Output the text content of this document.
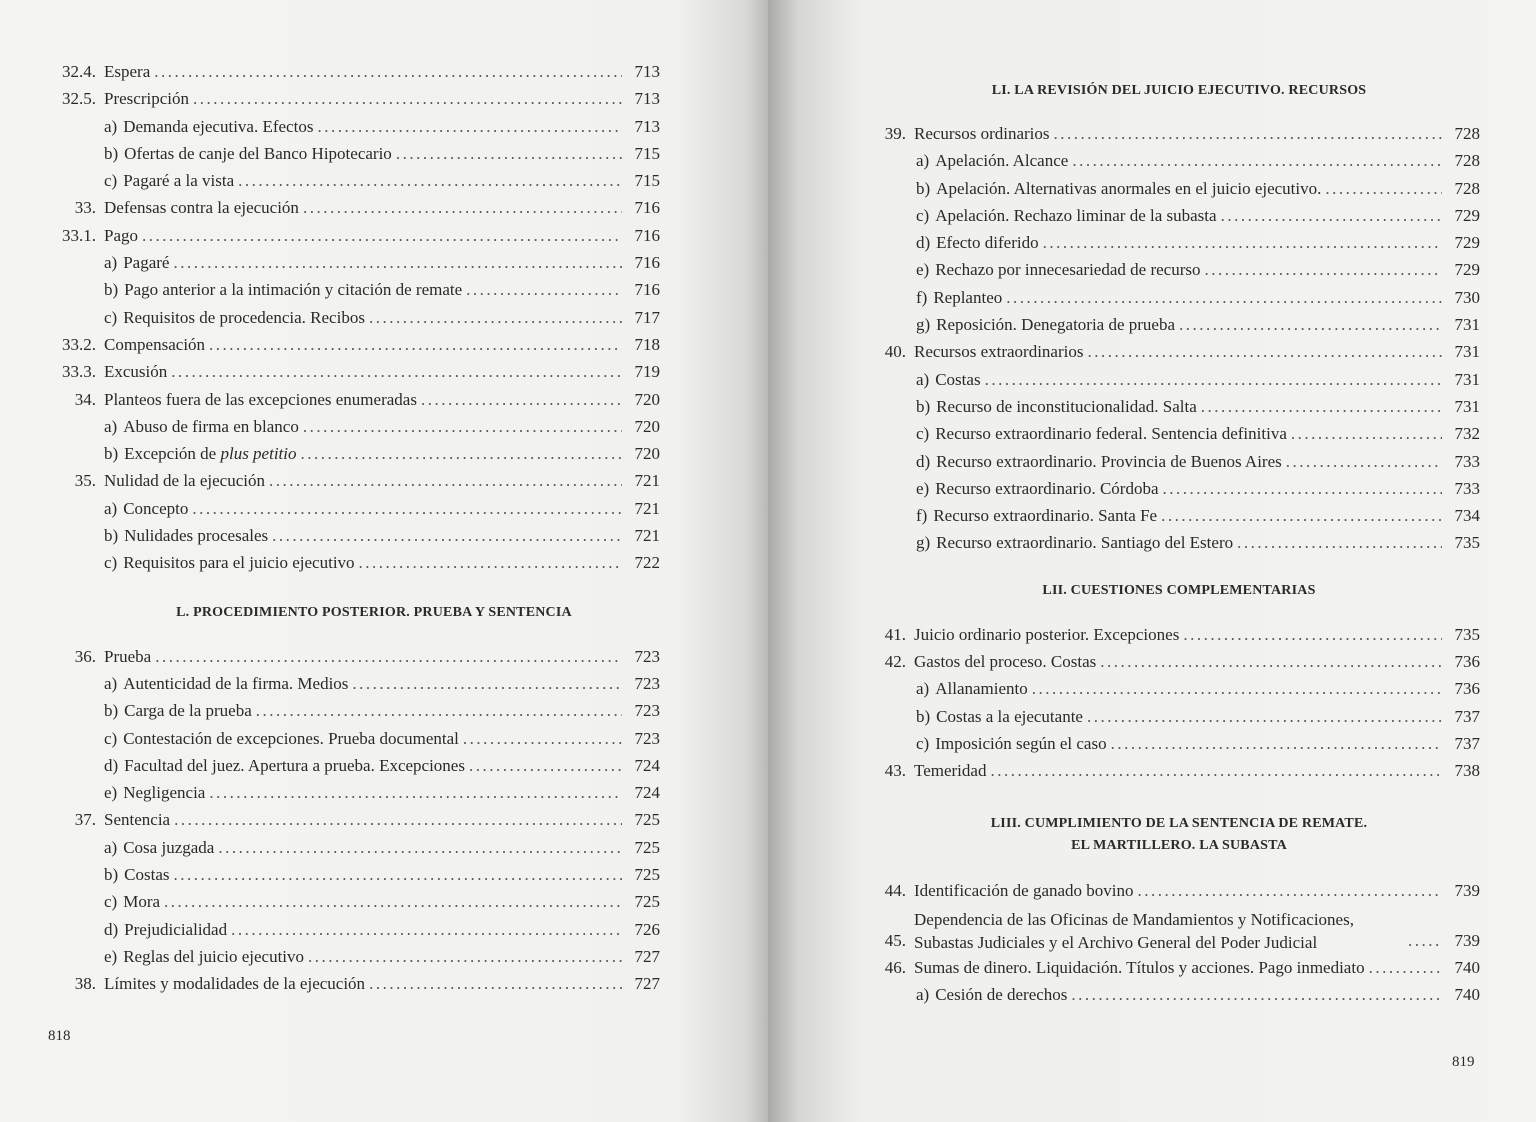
32.4. Espera .....	713
32.5. Prescripción .....	713
a) Demanda ejecutiva. Efectos .....	713
b) Ofertas de canje del Banco Hipotecario .....	715
c) Pagaré a la vista .....	715
33. Defensas contra la ejecución .....	716
33.1. Pago .....	716
a) Pagaré .....	716
b) Pago anterior a la intimación y citación de remate .....	716
c) Requisitos de procedencia. Recibos .....	717
33.2. Compensación .....	718
33.3. Excusión .....	719
34. Planteos fuera de las excepciones enumeradas .....	720
a) Abuso de firma en blanco .....	720
b) Excepción de plus petitio .....	720
35. Nulidad de la ejecución .....	721
a) Concepto .....	721
b) Nulidades procesales .....	721
c) Requisitos para el juicio ejecutivo .....	722
L. PROCEDIMIENTO POSTERIOR. PRUEBA Y SENTENCIA
36. Prueba .....	723
a) Autenticidad de la firma. Medios .....	723
b) Carga de la prueba .....	723
c) Contestación de excepciones. Prueba documental .....	723
d) Facultad del juez. Apertura a prueba. Excepciones .....	724
e) Negligencia .....	724
37. Sentencia .....	725
a) Cosa juzgada .....	725
b) Costas .....	725
c) Mora .....	725
d) Prejudicialidad .....	726
e) Reglas del juicio ejecutivo .....	727
38. Límites y modalidades de la ejecución .....	727
818
LI. LA REVISIÓN DEL JUICIO EJECUTIVO. RECURSOS
39. Recursos ordinarios .....	728
a) Apelación. Alcance .....	728
b) Apelación. Alternativas anormales en el juicio ejecutivo. .....	728
c) Apelación. Rechazo liminar de la subasta .....	729
d) Efecto diferido .....	729
e) Rechazo por innecesariedad de recurso .....	729
f) Replanteo .....	730
g) Reposición. Denegatoria de prueba .....	731
40. Recursos extraordinarios .....	731
a) Costas .....	731
b) Recurso de inconstitucionalidad. Salta .....	731
c) Recurso extraordinario federal. Sentencia definitiva .....	732
d) Recurso extraordinario. Provincia de Buenos Aires .....	733
e) Recurso extraordinario. Córdoba .....	733
f) Recurso extraordinario. Santa Fe .....	734
g) Recurso extraordinario. Santiago del Estero .....	735
LII. CUESTIONES COMPLEMENTARIAS
41. Juicio ordinario posterior. Excepciones .....	735
42. Gastos del proceso. Costas .....	736
a) Allanamiento .....	736
b) Costas a la ejecutante .....	737
c) Imposición según el caso .....	737
43. Temeridad .....	738
LIII. CUMPLIMIENTO DE LA SENTENCIA DE REMATE.
EL MARTILLERO. LA SUBASTA
44. Identificación de ganado bovino .....	739
45.
Dependencia de las Oficinas de Mandamientos y Notificaciones, Subastas Judiciales y el Archivo General del Poder Judicial .....	739
46. Sumas de dinero. Liquidación. Títulos y acciones. Pago inmediato .....	740
a) Cesión de derechos .....	740
819
